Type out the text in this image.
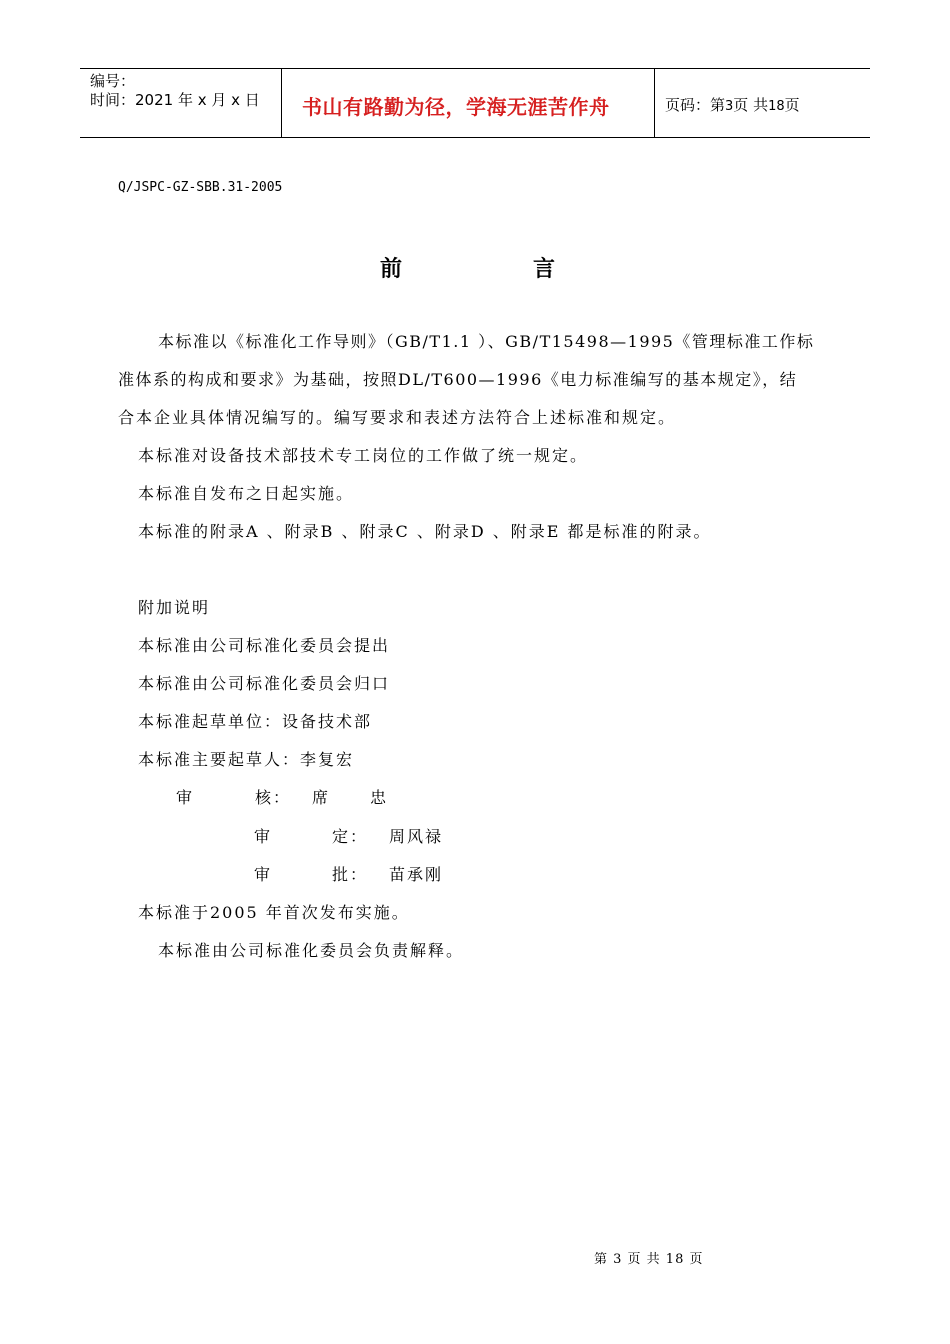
编号：
时间：2021 年 x 月 x 日 书山有路勤为径，学海无涯苦作舟	页码：第3页 共18页
Q/JSPC-GZ-SBB.31-2005
前	言
本标准以《标准化工作导则》（GB/T1.1 ）、GB/T15498—1995《管理标准工作标
准体系的构成和要求》为基础，按照DL/T600—1996《电力标准编写的基本规定》，结
合本企业具体情况编写的。编写要求和表述方法符合上述标准和规定。
本标准对设备技术部技术专工岗位的工作做了统一规定。
本标准自发布之日起实施。
本标准的附录A 、附录B 、附录C 、附录D 、附录E 都是标准的附录。
附加说明
本标准由公司标准化委员会提出
本标准由公司标准化委员会归口
本标准起草单位：设备技术部
本标准主要起草人：李复宏
审	核： 席 忠
审	定： 周风禄
审	批： 苗承刚
本标准于2005 年首次发布实施。
本标准由公司标准化委员会负责解释。
第 3 页 共 18 页
